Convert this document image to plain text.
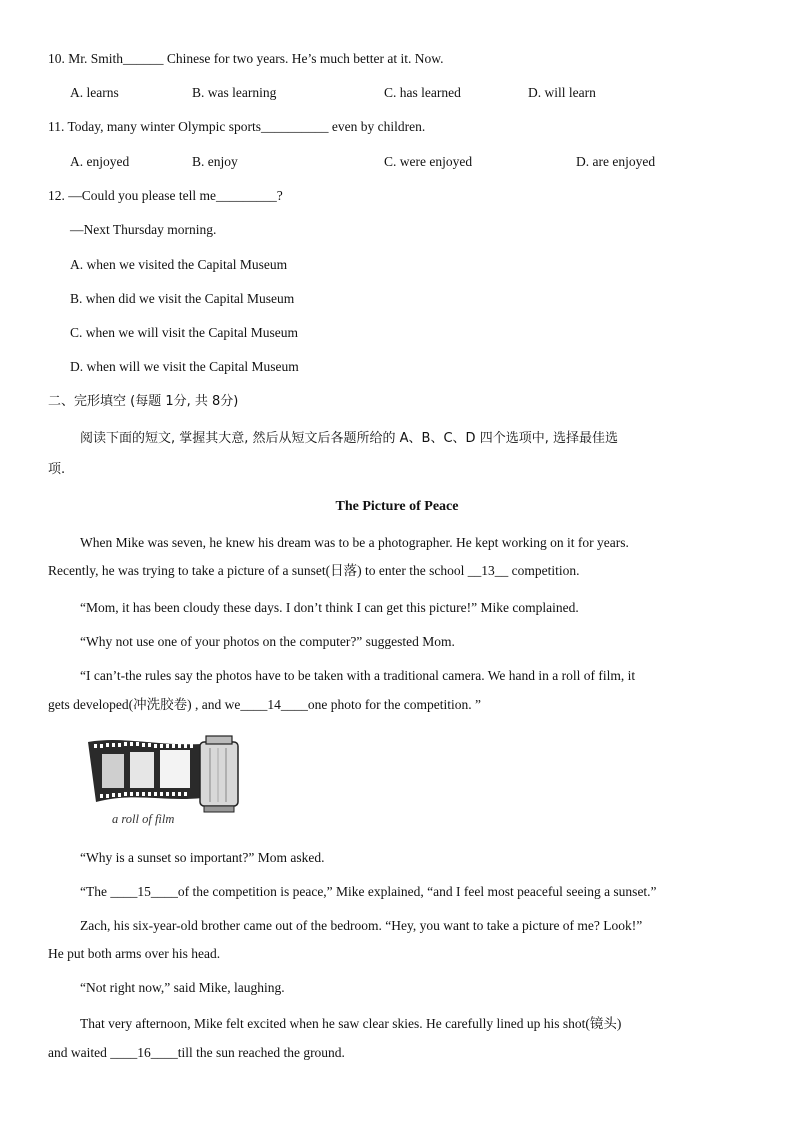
10. Mr. Smith______ Chinese for two years. He’s much better at it. Now.
A. learns	B. was learning	C. has learned	D. will learn
11. Today, many winter Olympic sports__________ even by children.
A. enjoyed	B. enjoy	C. were enjoyed	D. are enjoyed
12. —Could you please tell me_________?
—Next Thursday morning.
A. when we visited the Capital Museum
B. when did we visit the Capital Museum
C. when we will visit the Capital Museum
D. when will we visit the Capital Museum
二、完形填空 (每题 1分, 共 8分)
阅读下面的短文, 掌握其大意, 然后从短文后各题所给的 A、B、C、D 四个选项中, 选择最佳选
项.
The Picture of Peace
When Mike was seven, he knew his dream was to be a photographer. He kept working on it for years.
Recently, he was trying to take a picture of a sunset(日落) to enter the school __13__ competition.
“Mom, it has been cloudy these days. I don’t think I can get this picture!” Mike complained.
“Why not use one of your photos on the computer?” suggested Mom.
“I can’t-the rules say the photos have to be taken with a traditional camera. We hand in a roll of film, it
gets developed(冲洗胶卷) , and we____14____one photo for the competition. ”
a roll of film
“Why is a sunset so important?” Mom asked.
“The ____15____of the competition is peace,” Mike explained, “and I feel most peaceful seeing a sunset.”
Zach, his six-year-old brother came out of the bedroom. “Hey, you want to take a picture of me? Look!”
He put both arms over his head.
“Not right now,” said Mike, laughing.
That very afternoon, Mike felt excited when he saw clear skies. He carefully lined up his shot(镜头)
and waited ____16____till the sun reached the ground.
